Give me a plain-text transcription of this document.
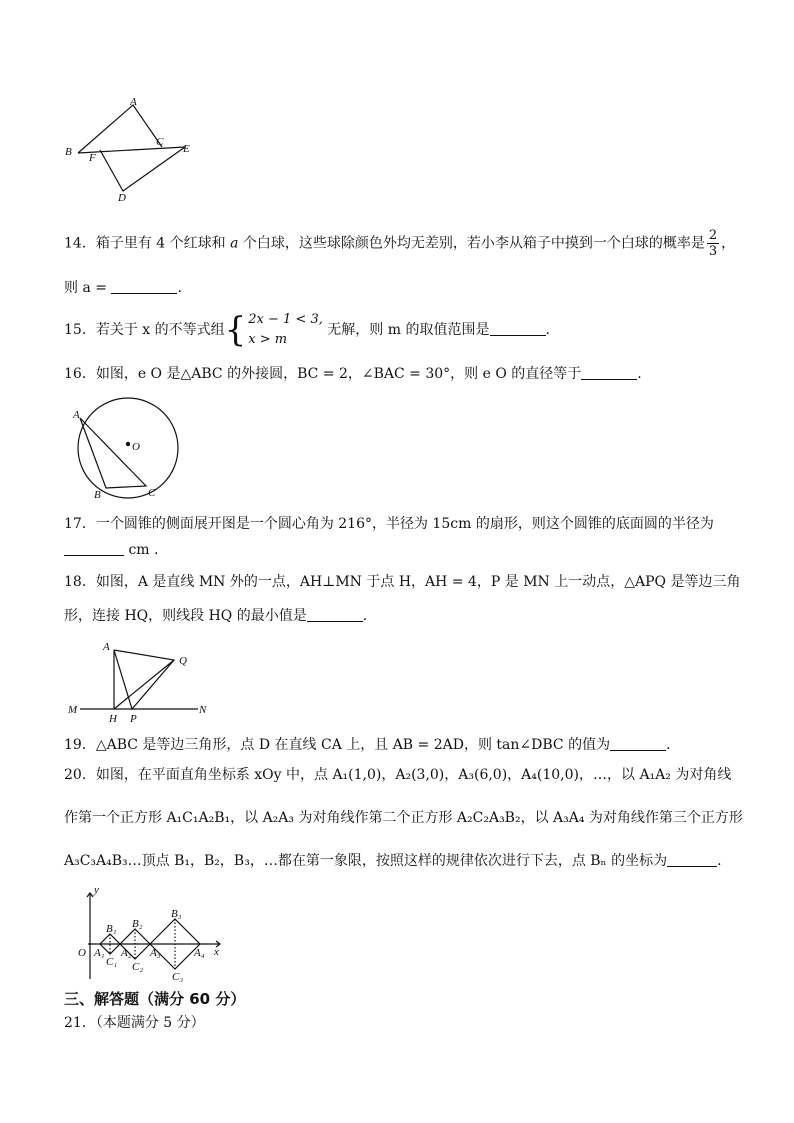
A
B
C
D
E
F
14．箱子里有 4 个红球和 a 个白球，这些球除颜色外均无差别，若小李从箱子中摸到一个白球的概率是 $\frac{2}{3}$ ，
则 a =	.
15．若关于 x 的不等式组 { 2x − 1 < 3,
x > m
无解，则 m 的取值范围是	.
16．如图，e O 是△ABC 的外接圆，BC = 2，∠BAC = 30°，则 e O 的直径等于	.
A
O
B	C
17．一个圆锥的侧面展开图是一个圆心角为 216°，半径为 15cm 的扇形，则这个圆锥的底面圆的半径为
cm .
18．如图，A 是直线 MN 外的一点，AH⊥MN 于点 H，AH = 4，P 是 MN 上一动点，△APQ 是等边三角
形，连接 HQ，则线段 HQ 的最小值是	.
A
Q
M
H P
N
19．△ABC 是等边三角形，点 D 在直线 CA 上，且 AB = 2AD，则 tan∠DBC 的值为	.
20．如图，在平面直角坐标系 xOy 中，点 A₁(1,0)，A₂(3,0)，A₃(6,0)，A₄(10,0)，…，以 A₁A₂ 为对角线
作第一个正方形 A₁C₁A₂B₁，以 A₂A₃ 为对角线作第二个正方形 A₂C₂A₃B₂，以 A₃A₄ 为对角线作第三个正方形
A₃C₃A₄B₃…顶点 B₁，B₂，B₃，…都在第一象限，按照这样的规律依次进行下去，点 Bₙ 的坐标为	.
y
x
O A₁ A₂ A₃	A₄
B₁ B₂
B₃
C₁ C₂
C₃
三、解答题（满分 60 分）
21．（本题满分 5 分）
